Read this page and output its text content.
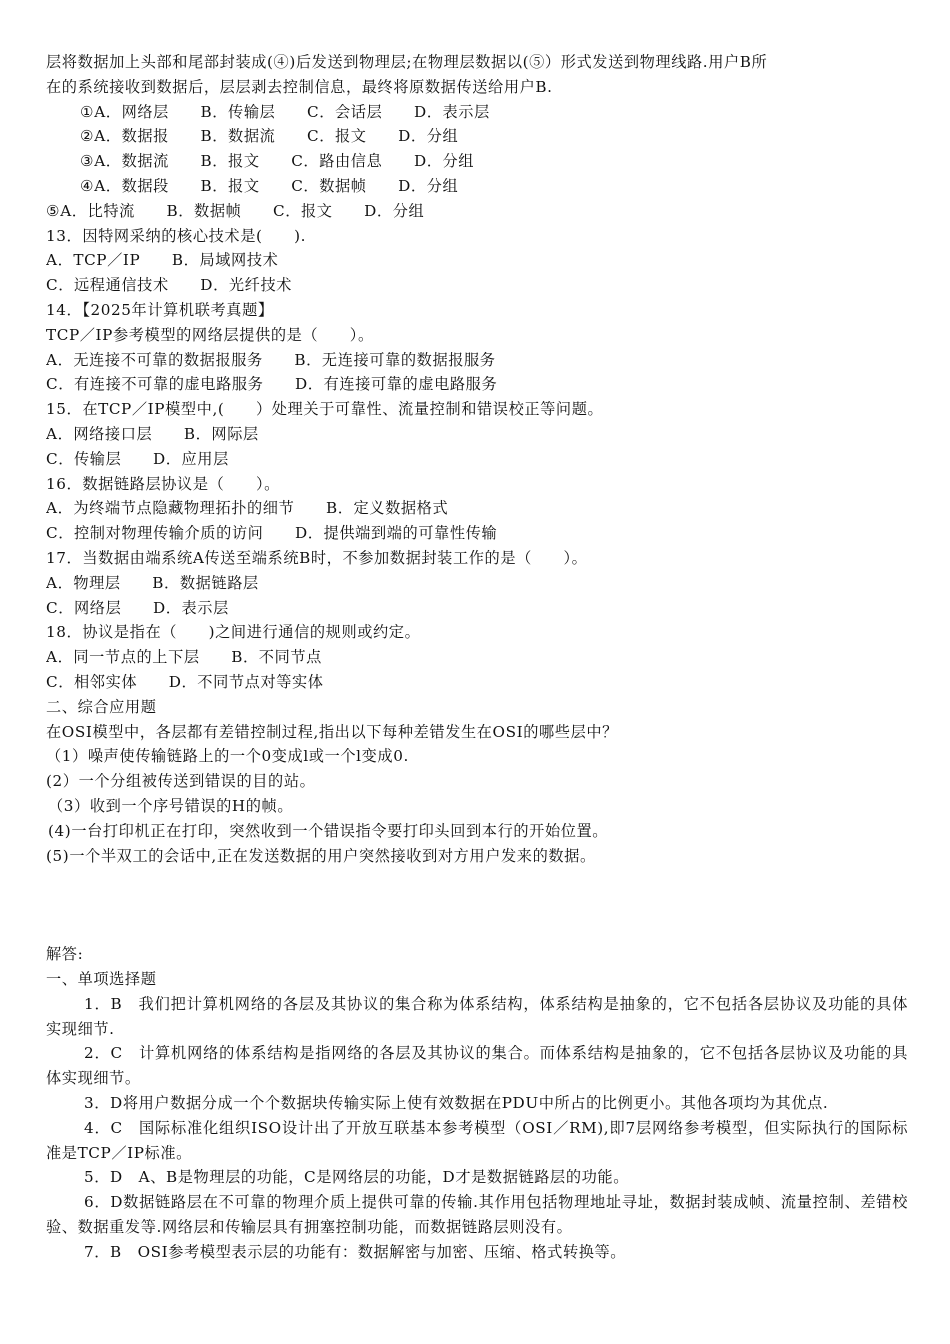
层将数据加上头部和尾部封装成(④)后发送到物理层;在物理层数据以(⑤）形式发送到物理线路.用户B所
在的系统接收到数据后，层层剥去控制信息，最终将原数据传送给用户B.
①A．网络层　　B．传输层　　C．会话层　　D．表示层
②A．数据报　　B．数据流　　C．报文　　D．分组
③A．数据流　　B．报文　　C．路由信息　　D．分组
④A．数据段　　B．报文　　C．数据帧　　D．分组
⑤A．比特流　　B．数据帧　　C．报文　　D．分组
13．因特网采纳的核心技术是(　　).
A．TCP／IP　　B．局域网技术
C．远程通信技术　　D．光纤技术
14．【2025年计算机联考真题】
TCP／IP参考模型的网络层提供的是（　　）。
A．无连接不可靠的数据报服务　　B．无连接可靠的数据报服务
C．有连接不可靠的虚电路服务　　D．有连接可靠的虚电路服务
15．在TCP／IP模型中,(　　）处理关于可靠性、流量控制和错误校正等问题。
A．网络接口层　　B．网际层
C．传输层　　D．应用层
16．数据链路层协议是（　　）。
A．为终端节点隐藏物理拓扑的细节　　B．定义数据格式
C．控制对物理传输介质的访问　　D．提供端到端的可靠性传输
17．当数据由端系统A传送至端系统B时，不参加数据封装工作的是（　　）。
A．物理层　　B．数据链路层
C．网络层　　D．表示层
18．协议是指在（　　)之间进行通信的规则或约定。
A．同一节点的上下层　　B．不同节点
C．相邻实体　　D．不同节点对等实体
二、综合应用题
在OSI模型中，各层都有差错控制过程,指出以下每种差错发生在OSI的哪些层中？
（1）噪声使传输链路上的一个0变成l或一个l变成0.
(2）一个分组被传送到错误的目的站。
（3）收到一个序号错误的H的帧。
(4)一台打印机正在打印，突然收到一个错误指令要打印头回到本行的开始位置。
(5)一个半双工的会话中,正在发送数据的用户突然接收到对方用户发来的数据。
解答:
一、单项选择题
1．B　我们把计算机网络的各层及其协议的集合称为体系结构，体系结构是抽象的，它不包括各层协议及功能的具体实现细节.
2．C　计算机网络的体系结构是指网络的各层及其协议的集合。而体系结构是抽象的，它不包括各层协议及功能的具体实现细节。
3．D将用户数据分成一个个数据块传输实际上使有效数据在PDU中所占的比例更小。其他各项均为其优点.
4．C　国际标准化组织ISO设计出了开放互联基本参考模型（OSI／RM),即7层网络参考模型，但实际执行的国际标准是TCP／IP标准。
5．D　A、B是物理层的功能，C是网络层的功能，D才是数据链路层的功能。
6．D数据链路层在不可靠的物理介质上提供可靠的传输.其作用包括物理地址寻址，数据封装成帧、流量控制、差错校验、数据重发等.网络层和传输层具有拥塞控制功能，而数据链路层则没有。
7．B　OSI参考模型表示层的功能有：数据解密与加密、压缩、格式转换等。
